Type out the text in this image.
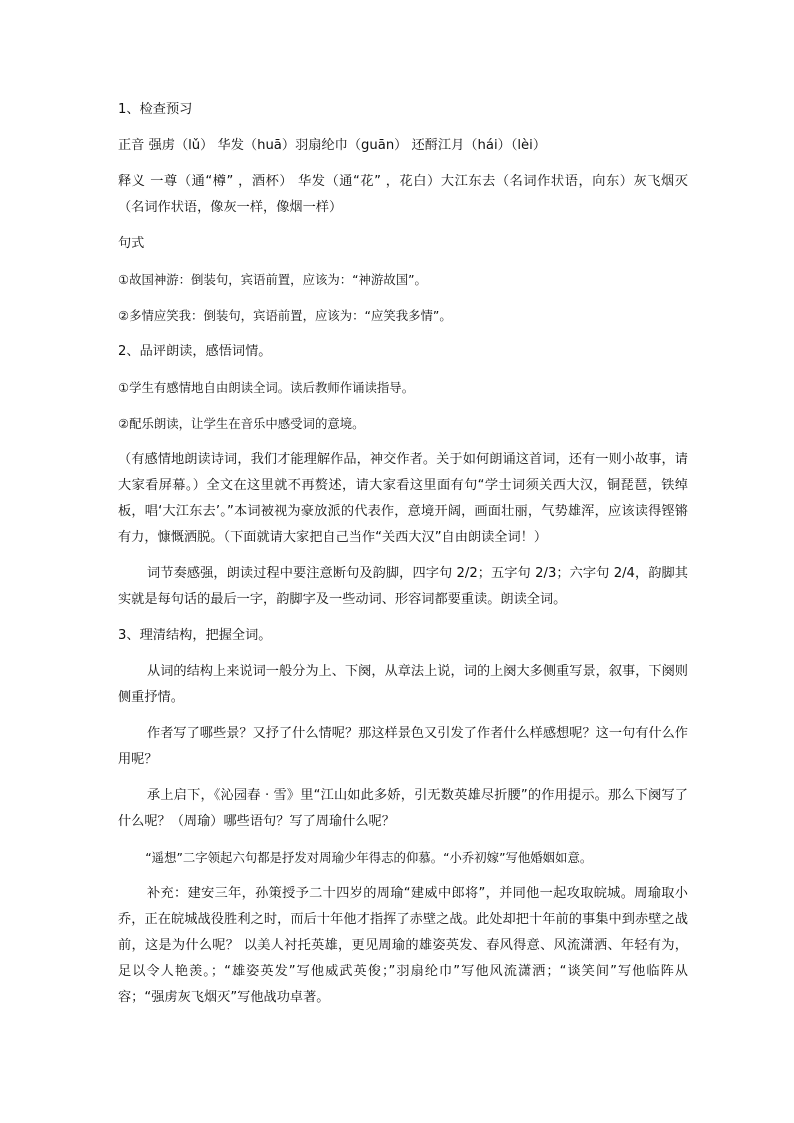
1、检查预习

正音 强虏（lǔ） 华发（huā）羽扇纶巾（guān） 还酹江月（hái）（lèi）

释义 一尊（通“樽” ，酒杯） 华发（通“花” ，花白）大江东去（名词作状语，向东）灰飞烟灭（名词作状语，像灰一样，像烟一样）

句式

①故国神游：倒装句，宾语前置，应该为：“神游故国”。

②多情应笑我：倒装句，宾语前置，应该为：“应笑我多情”。

2、品评朗读，感悟词情。

①学生有感情地自由朗读全词。读后教师作诵读指导。

②配乐朗读，让学生在音乐中感受词的意境。

（有感情地朗读诗词，我们才能理解作品，神交作者。关于如何朗诵这首词，还有一则小故事，请大家看屏幕。）全文在这里就不再赘述，请大家看这里面有句“学士词须关西大汉，铜琵琶，铁绰板，唱‘大江东去’。”本词被视为豪放派的代表作，意境开阔，画面壮丽，气势雄浑，应该读得铿锵有力，慷慨洒脱。（下面就请大家把自己当作“关西大汉”自由朗读全词！）

词节奏感强，朗读过程中要注意断句及韵脚，四字句 2/2；五字句 2/3；六字句 2/4，韵脚其实就是每句话的最后一字，韵脚字及一些动词、形容词都要重读。朗读全词。

3、理清结构，把握全词。

从词的结构上来说词一般分为上、下阕，从章法上说，词的上阕大多侧重写景，叙事，下阕则侧重抒情。

作者写了哪些景？又抒了什么情呢？那这样景色又引发了作者什么样感想呢？这一句有什么作用呢？

承上启下，《沁园春 · 雪》里“江山如此多娇，引无数英雄尽折腰”的作用提示。那么下阕写了什么呢？（周瑜）哪些语句？写了周瑜什么呢？

“遥想”二字领起六句都是抒发对周瑜少年得志的仰慕。“小乔初嫁”写他婚姻如意。

补充：建安三年，孙策授予二十四岁的周瑜“建威中郎将”，并同他一起攻取皖城。周瑜取小乔，正在皖城战役胜利之时，而后十年他才指挥了赤壁之战。此处却把十年前的事集中到赤壁之战前，这是为什么呢？ 以美人衬托英雄，更见周瑜的雄姿英发、春风得意、风流潇洒、年轻有为，足以令人艳羡。；“雄姿英发”写他威武英俊；”羽扇纶巾”写他风流潇洒；“谈笑间”写他临阵从容；“强虏灰飞烟灭”写他战功卓著。
